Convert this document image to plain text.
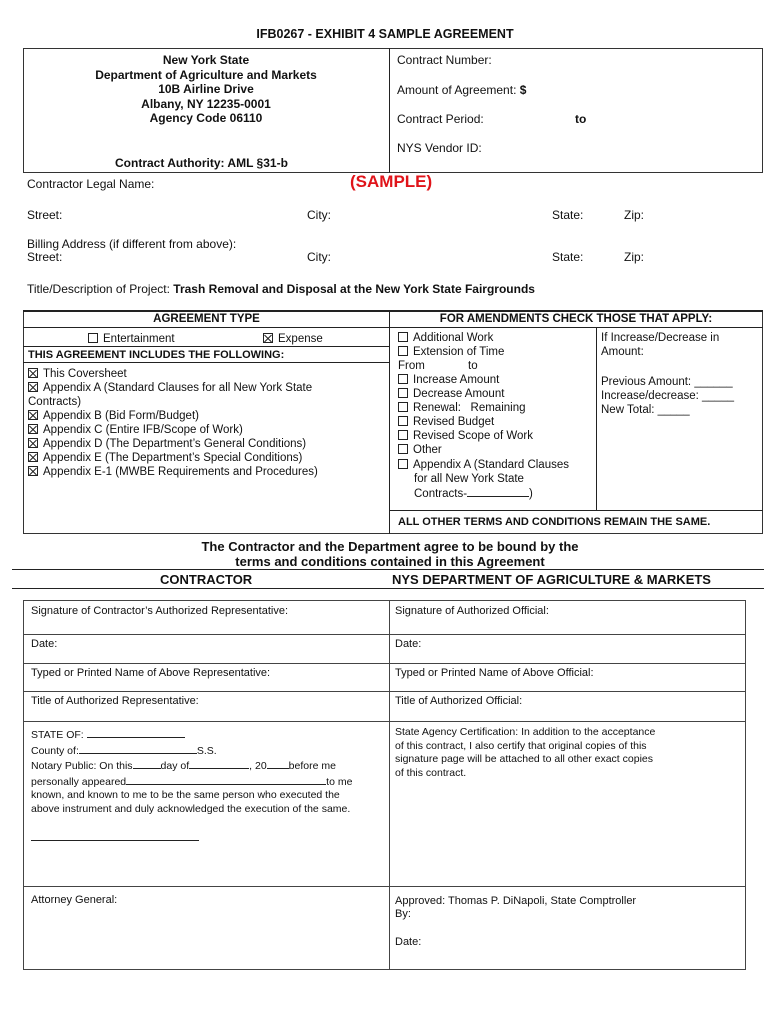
IFB0267 - EXHIBIT 4 SAMPLE AGREEMENT
New York State
Department of Agriculture and Markets
10B Airline Drive
Albany, NY 12235-0001
Agency Code 06110
Contract Authority: AML §31-b
Contract Number:
Amount of Agreement: $
Contract Period:	to
NYS Vendor ID:
(SAMPLE)
Contractor Legal Name:
Street:	City:	State:	Zip:
Billing Address (if different from above):
Street:	City:	State:	Zip:
Title/Description of Project: Trash Removal and Disposal at the New York State Fairgrounds
AGREEMENT TYPE	FOR AMENDMENTS CHECK THOSE THAT APPLY:
Entertainment	Expense
THIS AGREEMENT INCLUDES THE FOLLOWING:
This Coversheet
Appendix A (Standard Clauses for all New York State
Contracts)
Appendix B (Bid Form/Budget)
Appendix C (Entire IFB/Scope of Work)
Appendix D (The Department’s General Conditions)
Appendix E (The Department’s Special Conditions)
Appendix E-1 (MWBE Requirements and Procedures)
Additional Work
Extension of Time
From	to
Increase Amount
Decrease Amount
Renewal:   Remaining
Revised Budget
Revised Scope of Work
Other
Appendix A (Standard Clauses
for all New York State
Contracts-	)
If Increase/Decrease in
Amount:
Previous Amount: ______
Increase/decrease: _____
New Total: _____
ALL OTHER TERMS AND CONDITIONS REMAIN THE SAME.
The Contractor and the Department agree to be bound by the
terms and conditions contained in this Agreement
CONTRACTOR	NYS DEPARTMENT OF AGRICULTURE & MARKETS
Signature of Contractor’s Authorized Representative:	Signature of Authorized Official:
Date:	Date:
Typed or Printed Name of Above Representative:	Typed or Printed Name of Above Official:
Title of Authorized Representative:	Title of Authorized Official:
STATE OF:
County of:	S.S.
Notary Public: On this	day of	, 20 before me
personally appeared	to me
known, and known to me to be the same person who executed the
above instrument and duly acknowledged the execution of the same.
State Agency Certification: In addition to the acceptance
of this contract, I also certify that original copies of this
signature page will be attached to all other exact copies
of this contract.
Attorney General:	Approved: Thomas P. DiNapoli, State Comptroller
By:
Date:
